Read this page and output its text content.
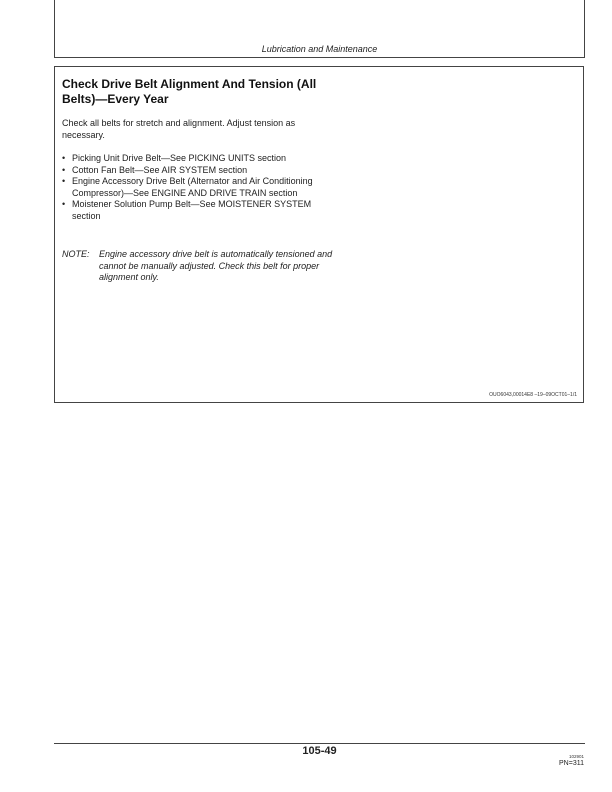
Lubrication and Maintenance
Check Drive Belt Alignment And Tension (All Belts)—Every Year
Check all belts for stretch and alignment. Adjust tension as necessary.
• Picking Unit Drive Belt—See PICKING UNITS section
• Cotton Fan Belt—See AIR SYSTEM section
• Engine Accessory Drive Belt (Alternator and Air Conditioning Compressor)—See ENGINE AND DRIVE TRAIN section
• Moistener Solution Pump Belt—See MOISTENER SYSTEM section
NOTE: Engine accessory drive belt is automatically tensioned and cannot be manually adjusted. Check this belt for proper alignment only.
OUO6043,00014E8 –19–09OCT01–1/1
105-49	102901
PN=311
